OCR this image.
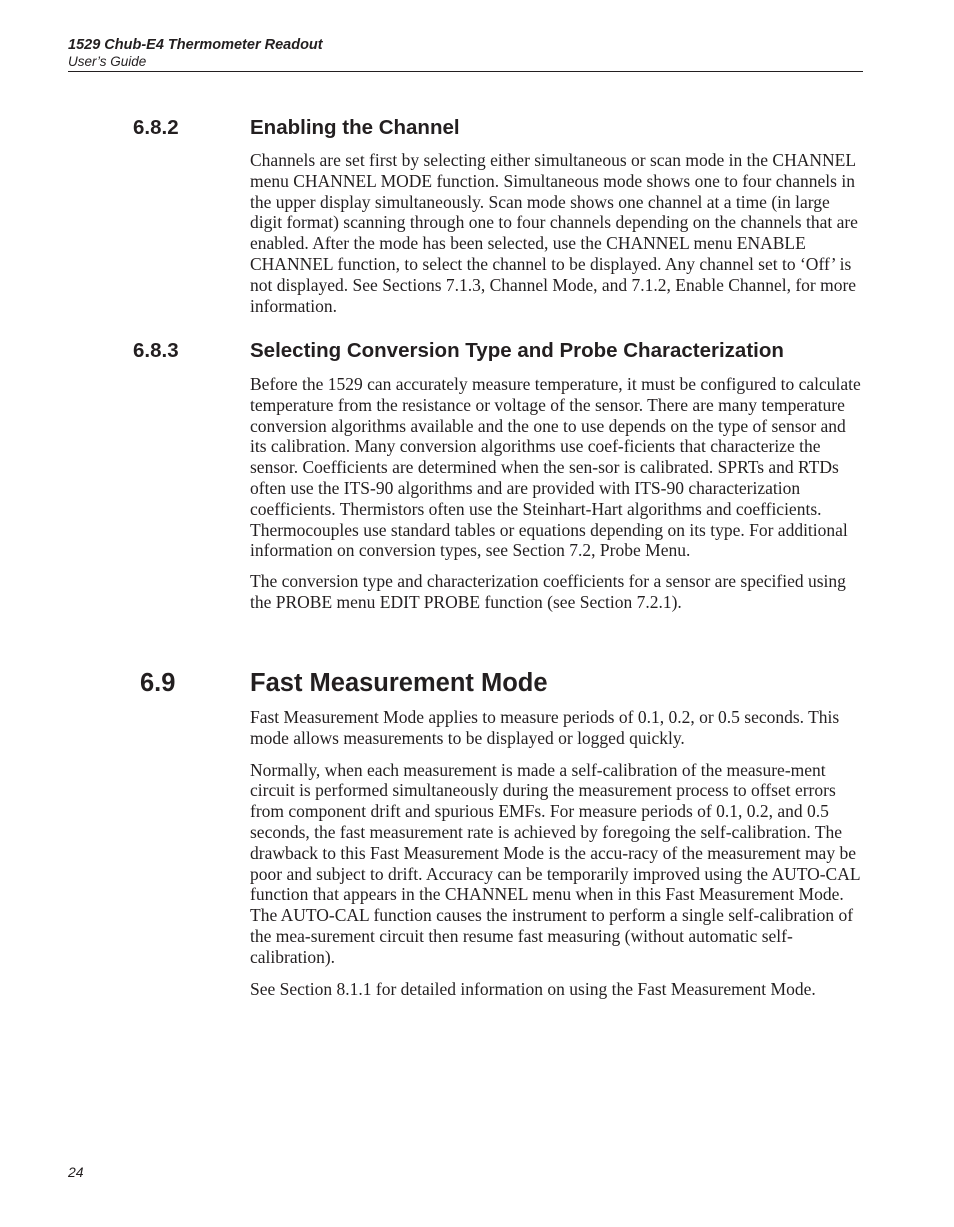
1529 Chub-E4 Thermometer Readout
User’s Guide
6.8.2	Enabling the Channel

Channels are set first by selecting either simultaneous or scan mode in the CHANNEL menu CHANNEL MODE function. Simultaneous mode shows one to four channels in the upper display simultaneously. Scan mode shows one channel at a time (in large digit format) scanning through one to four channels depending on the channels that are enabled. After the mode has been selected, use the CHANNEL menu ENABLE CHANNEL function, to select the channel to be displayed. Any channel set to ‘Off’ is not displayed. See Sections 7.1.3, Channel Mode, and 7.1.2, Enable Channel, for more information.

6.8.3	Selecting Conversion Type and Probe Characterization

Before the 1529 can accurately measure temperature, it must be configured to calculate temperature from the resistance or voltage of the sensor. There are many temperature conversion algorithms available and the one to use depends on the type of sensor and its calibration. Many conversion algorithms use coef-ficients that characterize the sensor. Coefficients are determined when the sen-sor is calibrated. SPRTs and RTDs often use the ITS-90 algorithms and are provided with ITS-90 characterization coefficients. Thermistors often use the Steinhart-Hart algorithms and coefficients. Thermocouples use standard tables or equations depending on its type. For additional information on conversion types, see Section 7.2, Probe Menu.

The conversion type and characterization coefficients for a sensor are specified using the PROBE menu EDIT PROBE function (see Section 7.2.1).

6.9	Fast Measurement Mode

Fast Measurement Mode applies to measure periods of 0.1, 0.2, or 0.5 seconds. This mode allows measurements to be displayed or logged quickly.

Normally, when each measurement is made a self-calibration of the measure-ment circuit is performed simultaneously during the measurement process to offset errors from component drift and spurious EMFs. For measure periods of 0.1, 0.2, and 0.5 seconds, the fast measurement rate is achieved by foregoing the self-calibration. The drawback to this Fast Measurement Mode is the accu-racy of the measurement may be poor and subject to drift. Accuracy can be temporarily improved using the AUTO-CAL function that appears in the CHANNEL menu when in this Fast Measurement Mode. The AUTO-CAL function causes the instrument to perform a single self-calibration of the mea-surement circuit then resume fast measuring (without automatic self-calibration).

See Section 8.1.1 for detailed information on using the Fast Measurement Mode.

24
